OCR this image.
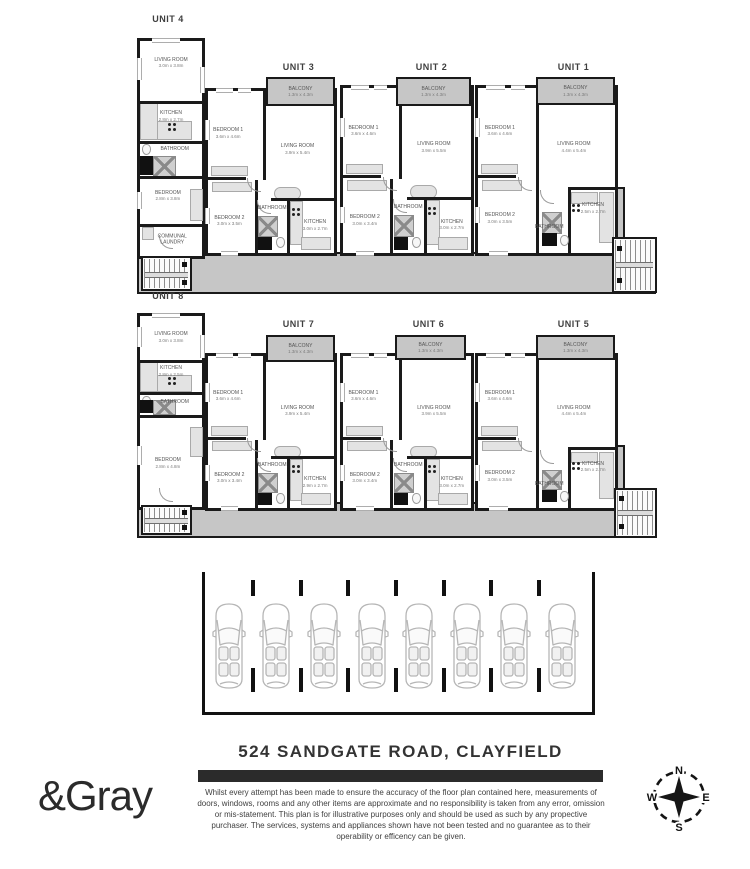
UNIT 4
LIVING ROOM
3.0m x 3.8m
KITCHEN
2.8m x 2.7m
BATHROOM
BEDROOM
2.8m x 3.8m
COMMUNAL LAUNDRY
UNIT 3
BALCONY
1.3m x 4.3m
BEDROOM 1
3.6m x 4.6m
LIVING ROOM
3.9m x 5.4m
BEDROOM 2
3.0m x 3.5m
BATHROOM
KITCHEN
3.0m x 2.7m
UNIT 2
BALCONY
1.3m x 4.3m
BEDROOM 1
3.6m x 4.6m
LIVING ROOM
3.9m x 5.5m
BEDROOM 2
3.0m x 3.4m
BATHROOM
KITCHEN
3.0m x 2.7m
UNIT 1
BALCONY
1.3m x 4.3m
BEDROOM 1
3.6m x 4.6m
LIVING ROOM
4.4m x 5.4m
BEDROOM 2
3.0m x 3.5m
BATHROOM
KITCHEN
2.5m x 2.7m
UNIT 8
LIVING ROOM
3.0m x 3.8m
KITCHEN
2.8m x 2.5m
BATHROOM
BEDROOM
2.8m x 4.8m
UNIT 7
BALCONY
1.3m x 4.3m
BEDROOM 1
3.6m x 4.6m
LIVING ROOM
3.9m x 5.4m
BEDROOM 2
3.0m x 3.4m
BATHROOM
KITCHEN
2.9m x 2.7m
UNIT 6
BALCONY
1.3m x 4.3m
BEDROOM 1
3.6m x 4.6m
LIVING ROOM
3.9m x 5.5m
BEDROOM 2
3.0m x 3.4m
BATHROOM
KITCHEN
3.0m x 2.7m
UNIT 5
BALCONY
1.3m x 4.3m
BEDROOM 1
3.6m x 4.6m
LIVING ROOM
4.4m x 5.4m
BEDROOM 2
3.0m x 3.5m
BATHROOM
KITCHEN
2.5m x 2.7m
524 SANDGATE ROAD, CLAYFIELD
Whilst every attempt has been made to ensure the accuracy of the floor plan contained here, measurements of doors, windows, rooms and any other items are approximate and no responsibility is taken from any error, omission or mis-statement. This plan is for illustrative purposes only and should be used as such by any propective purchaser. The services, systems and appliances shown have not been tested and no guarantee as to their operability or efficency can be given.
&Gray
N
E
S
W
